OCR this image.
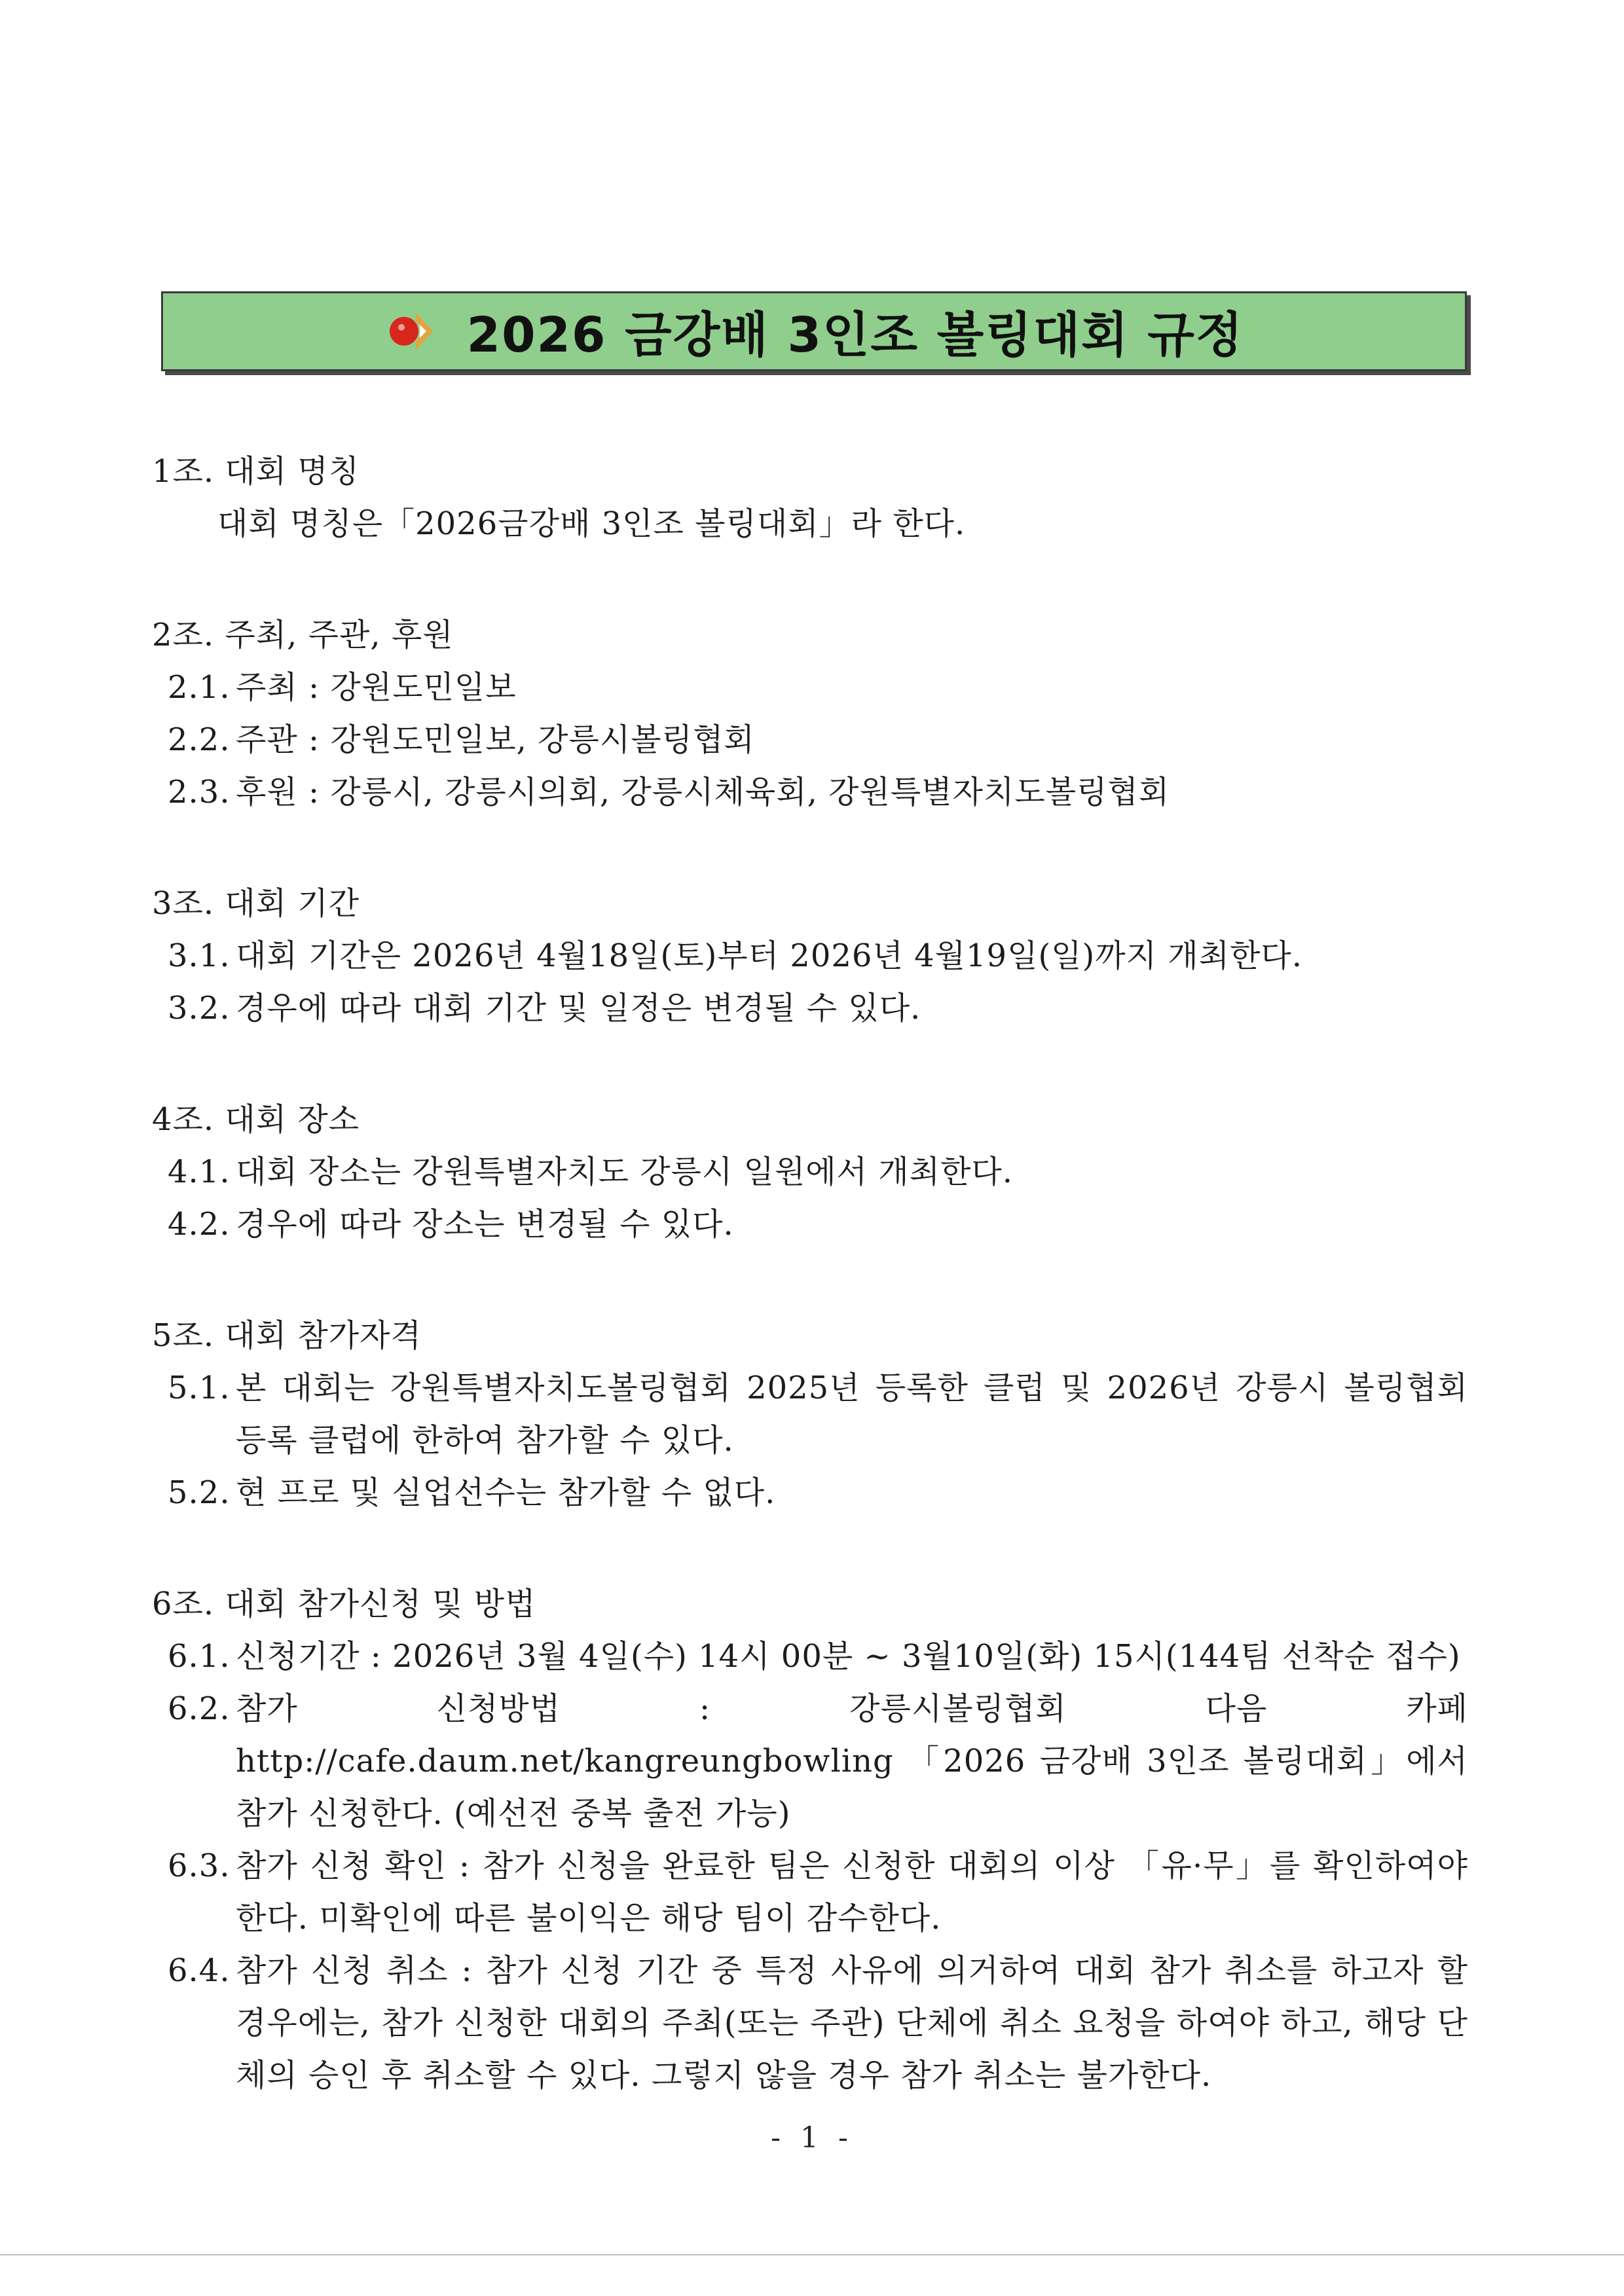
2026 금강배 3인조 볼링대회 규정
1조. 대회 명칭
대회 명칭은「2026금강배 3인조 볼링대회」라 한다.
2조. 주최, 주관, 후원
2.1. 주최 : 강원도민일보
2.2. 주관 : 강원도민일보, 강릉시볼링협회
2.3. 후원 : 강릉시, 강릉시의회, 강릉시체육회, 강원특별자치도볼링협회
3조. 대회 기간
3.1. 대회 기간은 2026년 4월18일(토)부터 2026년 4월19일(일)까지 개최한다.
3.2. 경우에 따라 대회 기간 및 일정은 변경될 수 있다.
4조. 대회 장소
4.1. 대회 장소는 강원특별자치도 강릉시 일원에서 개최한다.
4.2. 경우에 따라 장소는 변경될 수 있다.
5조. 대회 참가자격
5.1. 본 대회는 강원특별자치도볼링협회 2025년 등록한 클럽 및 2026년 강릉시 볼링협회 등록 클럽에 한하여 참가할 수 있다.
5.2. 현 프로 및 실업선수는 참가할 수 없다.
6조. 대회 참가신청 및 방법
6.1. 신청기간 : 2026년 3월 4일(수) 14시 00분 ~ 3월10일(화) 15시(144팀 선착순 접수)
6.2. 참가 신청방법 : 강릉시볼링협회 다음 카페 http://cafe.daum.net/kangreungbowling 「2026 금강배 3인조 볼링대회」에서 참가 신청한다. (예선전 중복 출전 가능)
6.3. 참가 신청 확인 : 참가 신청을 완료한 팀은 신청한 대회의 이상 「유·무」를 확인하여야 한다. 미확인에 따른 불이익은 해당 팀이 감수한다.
6.4. 참가 신청 취소 : 참가 신청 기간 중 특정 사유에 의거하여 대회 참가 취소를 하고자 할 경우에는, 참가 신청한 대회의 주최(또는 주관) 단체에 취소 요청을 하여야 하고, 해당 단체의 승인 후 취소할 수 있다. 그렇지 않을 경우 참가 취소는 불가한다.
- 1 -
